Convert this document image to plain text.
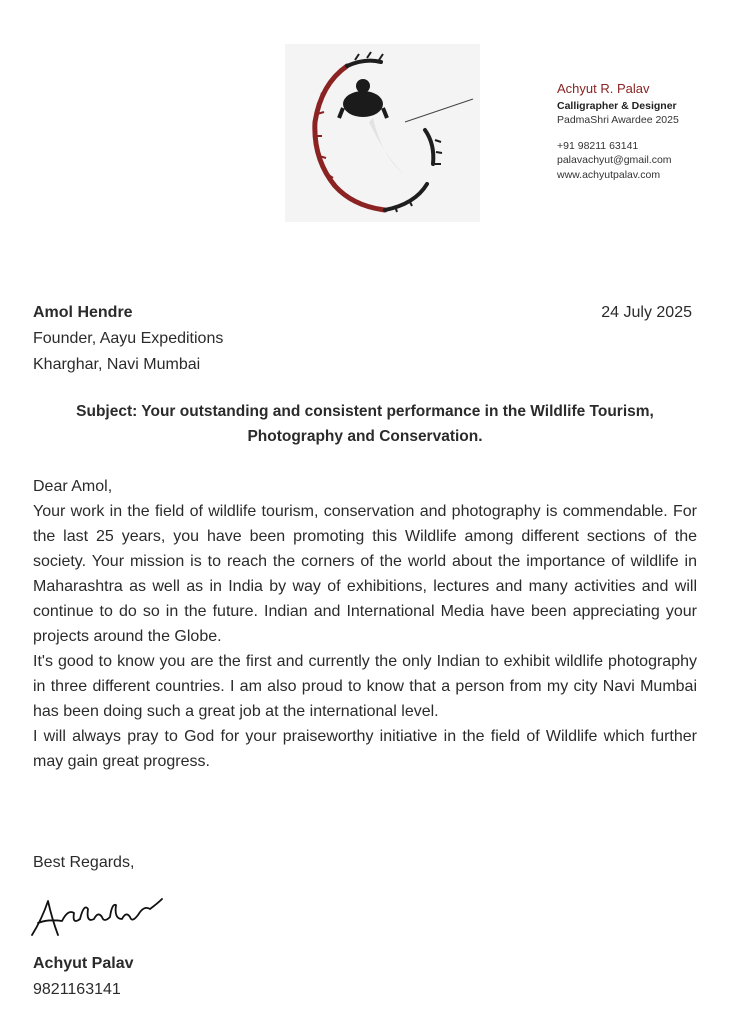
Achyut R. Palav
Calligrapher & Designer
PadmaShri Awardee 2025
+91 98211 63141
palavachyut@gmail.com
www.achyutpalav.com
Amol Hendre
Founder, Aayu Expeditions
Kharghar, Navi Mumbai
24 July 2025
Subject: Your outstanding and consistent performance in the Wildlife Tourism, Photography and Conservation.

Dear Amol,

Your work in the field of wildlife tourism, conservation and photography is commendable. For the last 25 years, you have been promoting this Wildlife among different sections of the society. Your mission is to reach the corners of the world about the importance of wildlife in Maharashtra as well as in India by way of exhibitions, lectures and many activities and will continue to do so in the future. Indian and International Media have been appreciating your projects around the Globe.

It's good to know you are the first and currently the only Indian to exhibit wildlife photography in three different countries. I am also proud to know that a person from my city Navi Mumbai has been doing such a great job at the international level.

I will always pray to God for your praiseworthy initiative in the field of Wildlife which further may gain great progress.

Best Regards,
Achyut Palav
9821163141
